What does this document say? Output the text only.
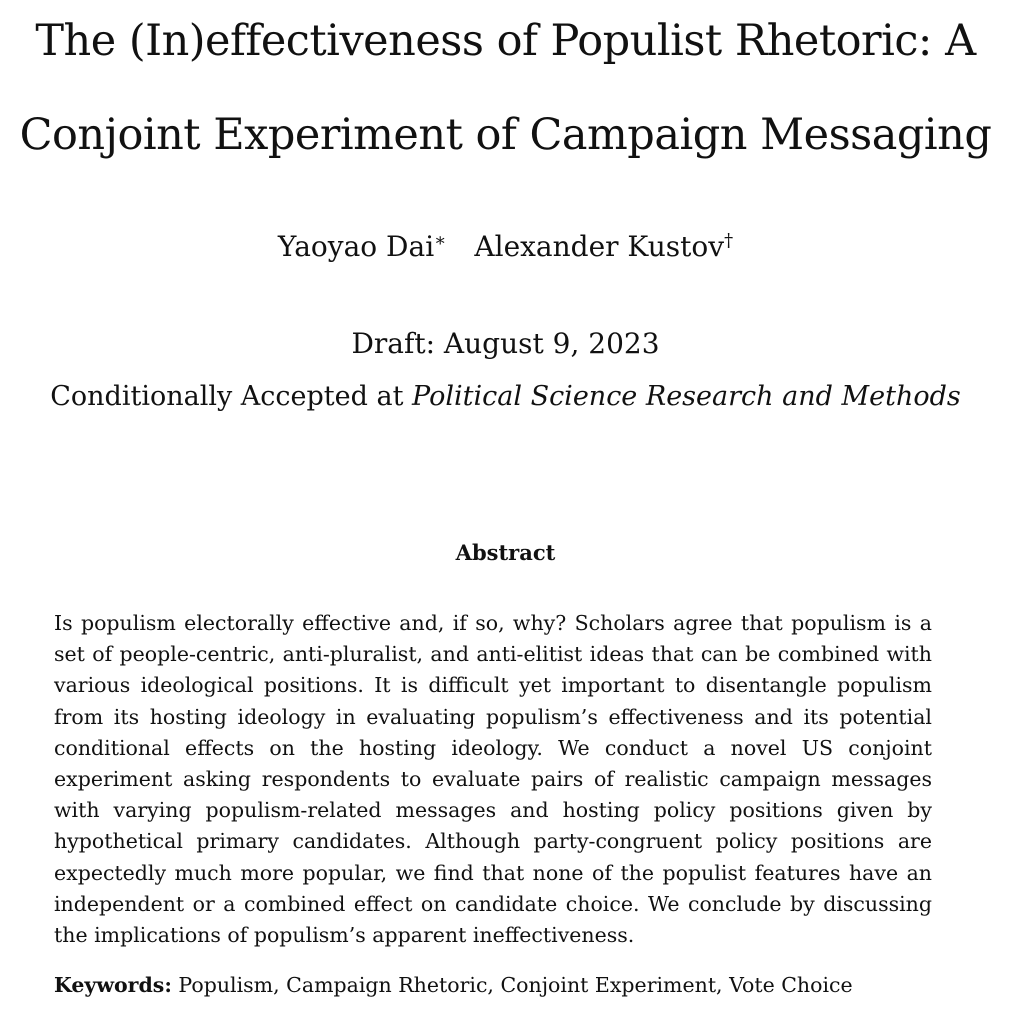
The (In)effectiveness of Populist Rhetoric: A
Conjoint Experiment of Campaign Messaging
Yaoyao Dai∗ Alexander Kustov†
Draft: August 9, 2023
Conditionally Accepted at Political Science Research and Methods
Abstract
Is populism electorally effective and, if so, why? Scholars agree that populism is a set of people-centric, anti-pluralist, and anti-elitist ideas that can be combined with various ideological positions. It is difficult yet important to disentangle populism from its hosting ideology in evaluating populism’s effectiveness and its potential conditional effects on the hosting ideology. We conduct a novel US conjoint experiment asking respondents to evaluate pairs of realistic campaign messages with varying populism-related messages and hosting policy positions given by hypothetical primary candidates. Although party-congruent policy positions are expectedly much more popular, we find that none of the populist features have an independent or a combined effect on candidate choice. We conclude by discussing the implications of populism’s apparent ineffectiveness.
Keywords: Populism, Campaign Rhetoric, Conjoint Experiment, Vote Choice
